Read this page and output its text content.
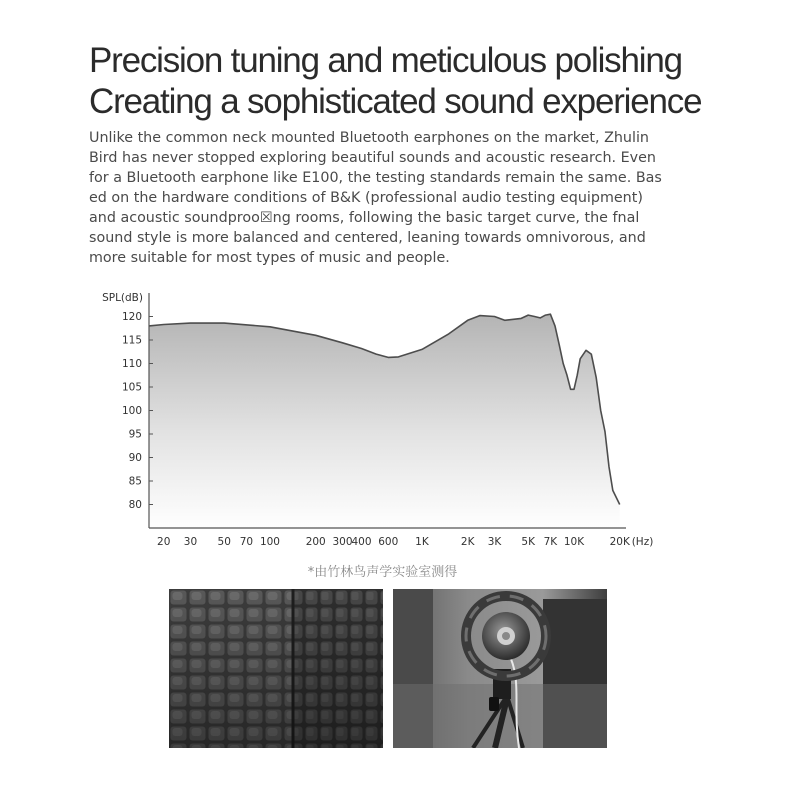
Precision tuning and meticulous polishing
Creating a sophisticated sound experience
Unlike the common neck mounted Bluetooth earphones on the market, Zhulin
Bird has never stopped exploring beautiful sounds and acoustic research. Even
for a Bluetooth earphone like E100, the testing standards remain the same. Bas
ed on the hardware conditions of B&K (professional audio testing equipment)
and acoustic soundproo☒ng rooms, following the basic target curve, the fnal
sound style is more balanced and centered, leaning towards omnivorous, and
more suitable for most types of music and people.
SPL(dB)
120
115
110
105
100
95
90
85
80
20 30 50 70 100 200 300
400 600 1K	2K 3K 5K 7K 10K 20K (Hz)
*由竹林鸟声学实验室测得
